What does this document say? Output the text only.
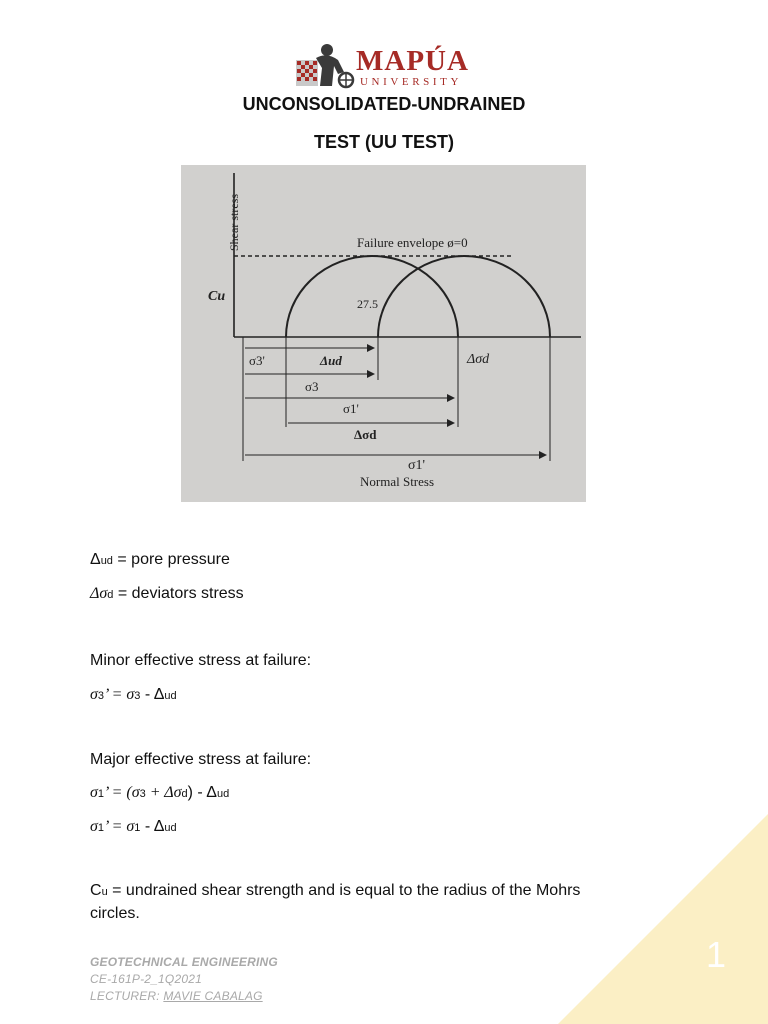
1
MAPÚA
UNIVERSITY
UNCONSOLIDATED-UNDRAINED
TEST (UU TEST)
Shear stress	Failure envelope ø=0
Cu	27.5
σ3'	Δud	Δσd
σ3
σ1'
Δσd
σ1'
Normal Stress
Δud = pore pressure
Δσd = deviators stress
Minor effective stress at failure:
σ3’ = σ3 - Δud
Major effective stress at failure:
σ1’ = (σ3 + Δσd) - Δud
σ1’ = σ1 - Δud
Cu = undrained shear strength and is equal to the radius of the Mohrs
circles.
GEOTECHNICAL ENGINEERING
CE-161P-2_1Q2021
LECTURER: MAVIE CABALAG
